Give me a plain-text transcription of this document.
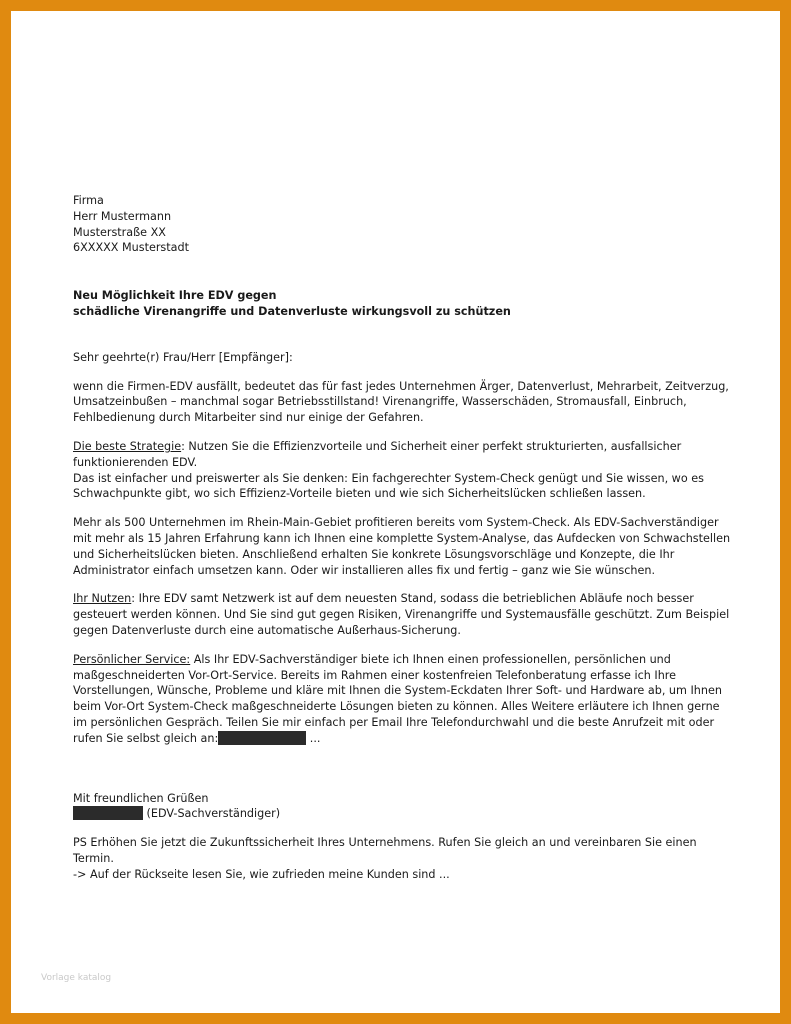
Firma

Herr Mustermann

Musterstraße XX

6XXXXX Musterstadt

Neu Möglichkeit Ihre EDV gegen

schädliche Virenangriffe und Datenverluste wirkungsvoll zu schützen

Sehr geehrte(r) Frau/Herr [Empfänger]:

wenn die Firmen-EDV ausfällt, bedeutet das für fast jedes Unternehmen Ärger, Datenverlust, Mehrarbeit, Zeitverzug, Umsatzeinbußen – manchmal sogar Betriebsstillstand! Virenangriffe, Wasserschäden, Stromausfall, Einbruch, Fehlbedienung durch Mitarbeiter sind nur einige der Gefahren.

Die beste Strategie: Nutzen Sie die Effizienzvorteile und Sicherheit einer perfekt strukturierten, ausfallsicher funktionierenden EDV.

Das ist einfacher und preiswerter als Sie denken: Ein fachgerechter System-Check genügt und Sie wissen, wo es Schwachpunkte gibt, wo sich Effizienz-Vorteile bieten und wie sich Sicherheitslücken schließen lassen.

Mehr als 500 Unternehmen im Rhein-Main-Gebiet profitieren bereits vom System-Check. Als EDV-Sachverständiger mit mehr als 15 Jahren Erfahrung kann ich Ihnen eine komplette System-Analyse, das Aufdecken von Schwachstellen und Sicherheitslücken bieten. Anschließend erhalten Sie konkrete Lösungsvorschläge und Konzepte, die Ihr Administrator einfach umsetzen kann. Oder wir installieren alles fix und fertig – ganz wie Sie wünschen.

Ihr Nutzen: Ihre EDV samt Netzwerk ist auf dem neuesten Stand, sodass die betrieblichen Abläufe noch besser gesteuert werden können. Und Sie sind gut gegen Risiken, Virenangriffe und Systemausfälle geschützt. Zum Beispiel gegen Datenverluste durch eine automatische Außerhaus-Sicherung.

Persönlicher Service: Als Ihr EDV-Sachverständiger biete ich Ihnen einen professionellen, persönlichen und maßgeschneiderten Vor-Ort-Service. Bereits im Rahmen einer kostenfreien Telefonberatung erfasse ich Ihre Vorstellungen, Wünsche, Probleme und kläre mit Ihnen die System-Eckdaten Ihrer Soft- und Hardware ab, um Ihnen beim Vor-Ort System-Check maßgeschneiderte Lösungen bieten zu können. Alles Weitere erläutere ich Ihnen gerne im persönlichen Gespräch. Teilen Sie mir einfach per Email Ihre Telefondurchwahl und die beste Anrufzeit mit oder rufen Sie selbst gleich an:	...

Mit freundlichen Grüßen

(EDV-Sachverständiger)

PS Erhöhen Sie jetzt die Zukunftssicherheit Ihres Unternehmens. Rufen Sie gleich an und vereinbaren Sie einen Termin.

-> Auf der Rückseite lesen Sie, wie zufrieden meine Kunden sind ...

Vorlage katalog
